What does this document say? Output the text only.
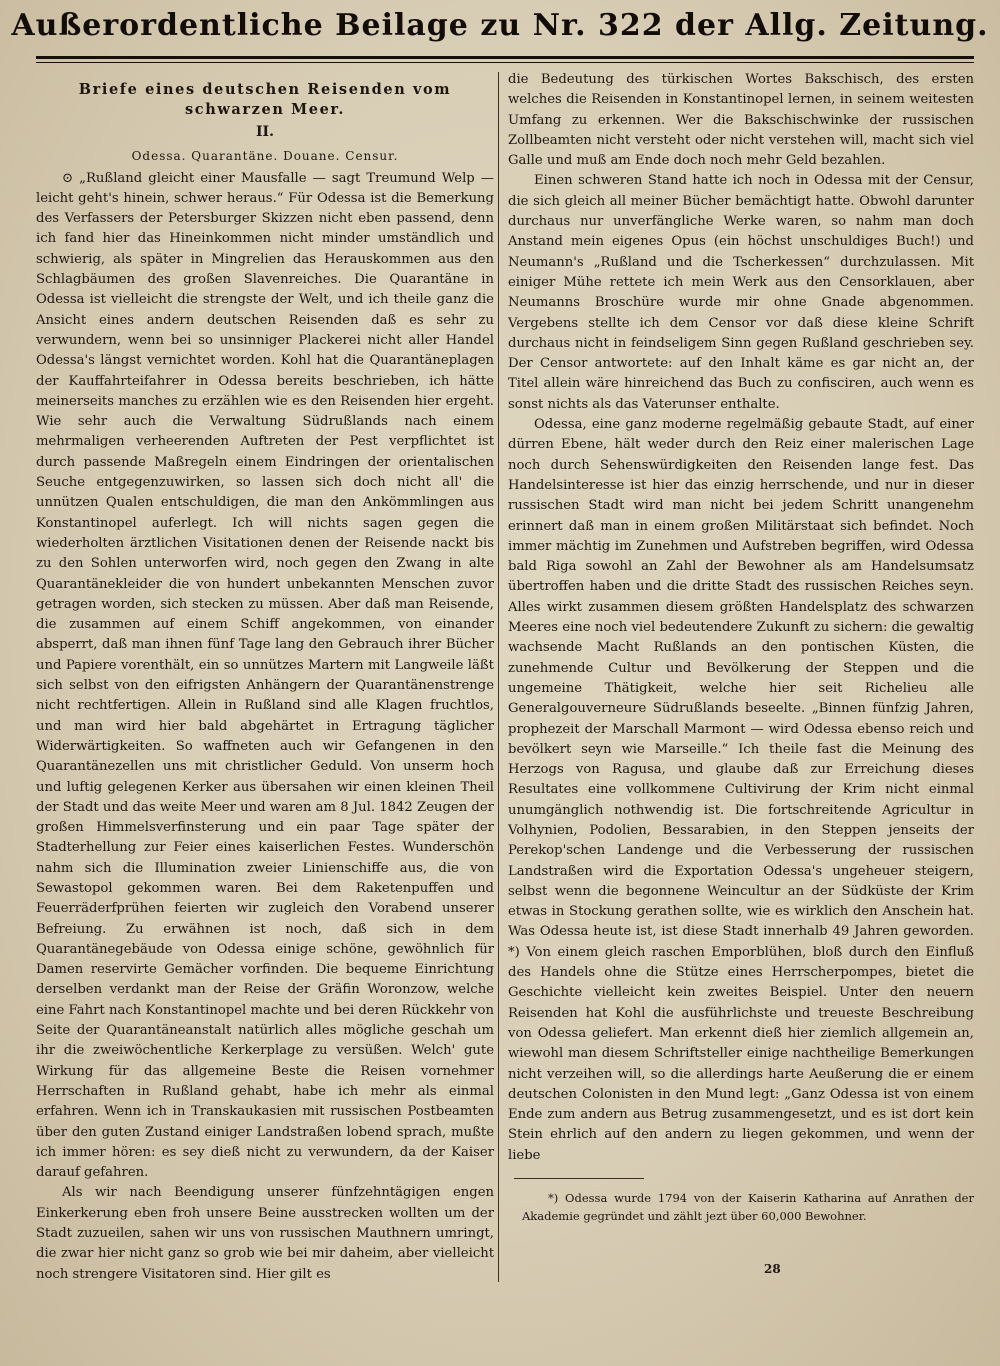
Außerordentliche Beilage zu Nr. 322 der Allg. Zeitung.
Briefe eines deutschen Reisenden vom schwarzen Meer.
II.
Odessa. Quarantäne. Douane. Censur.

⊙ „Rußland gleicht einer Mausfalle — sagt Treumund Welp — leicht geht's hinein, schwer heraus.“ Für Odessa ist die Bemerkung des Verfassers der Petersburger Skizzen nicht eben passend, denn ich fand hier das Hineinkommen nicht minder umständlich und schwierig, als später in Mingrelien das Herauskommen aus den Schlagbäumen des großen Slavenreiches. Die Quarantäne in Odessa ist vielleicht die strengste der Welt, und ich theile ganz die Ansicht eines andern deutschen Reisenden daß es sehr zu verwundern, wenn bei so unsinniger Plackerei nicht aller Handel Odessa's längst vernichtet worden. Kohl hat die Quarantäneplagen der Kauffahrteifahrer in Odessa bereits beschrieben, ich hätte meinerseits manches zu erzählen wie es den Reisenden hier ergeht. Wie sehr auch die Verwaltung Südrußlands nach einem mehrmaligen verheerenden Auftreten der Pest verpflichtet ist durch passende Maßregeln einem Eindringen der orientalischen Seuche entgegenzuwirken, so lassen sich doch nicht all' die unnützen Qualen entschuldigen, die man den Ankömmlingen aus Konstantinopel auferlegt. Ich will nichts sagen gegen die wiederholten ärztlichen Visitationen denen der Reisende nackt bis zu den Sohlen unterworfen wird, noch gegen den Zwang in alte Quarantänekleider die von hundert unbekannten Menschen zuvor getragen worden, sich stecken zu müssen. Aber daß man Reisende, die zusammen auf einem Schiff angekommen, von einander absperrt, daß man ihnen fünf Tage lang den Gebrauch ihrer Bücher und Papiere vorenthält, ein so unnützes Martern mit Langweile läßt sich selbst von den eifrigsten Anhängern der Quarantänenstrenge nicht rechtfertigen. Allein in Rußland sind alle Klagen fruchtlos, und man wird hier bald abgehärtet in Ertragung täglicher Widerwärtigkeiten. So waffneten auch wir Gefangenen in den Quarantänezellen uns mit christlicher Geduld. Von unserm hoch und luftig gelegenen Kerker aus übersahen wir einen kleinen Theil der Stadt und das weite Meer und waren am 8 Jul. 1842 Zeugen der großen Himmelsverfinsterung und ein paar Tage später der Stadterhellung zur Feier eines kaiserlichen Festes. Wunderschön nahm sich die Illumination zweier Linienschiffe aus, die von Sewastopol gekommen waren. Bei dem Raketenpuffen und Feuerräderfprühen feierten wir zugleich den Vorabend unserer Befreiung. Zu erwähnen ist noch, daß sich in dem Quarantänegebäude von Odessa einige schöne, gewöhnlich für Damen reservirte Gemächer vorfinden. Die bequeme Einrichtung derselben verdankt man der Reise der Gräfin Woronzow, welche eine Fahrt nach Konstantinopel machte und bei deren Rückkehr von Seite der Quarantäneanstalt natürlich alles mögliche geschah um ihr die zweiwöchentliche Kerkerplage zu versüßen. Welch' gute Wirkung für das allgemeine Beste die Reisen vornehmer Herrschaften in Rußland gehabt, habe ich mehr als einmal erfahren. Wenn ich in Transkaukasien mit russischen Postbeamten über den guten Zustand einiger Landstraßen lobend sprach, mußte ich immer hören: es sey dieß nicht zu verwundern, da der Kaiser darauf gefahren.

Als wir nach Beendigung unserer fünfzehntägigen engen Einkerkerung eben froh unsere Beine ausstrecken wollten um der Stadt zuzueilen, sahen wir uns von russischen Mauthnern umringt, die zwar hier nicht ganz so grob wie bei mir daheim, aber vielleicht noch strengere Visitatoren sind. Hier gilt es

die Bedeutung des türkischen Wortes Bakschisch, des ersten welches die Reisenden in Konstantinopel lernen, in seinem weitesten Umfang zu erkennen. Wer die Bakschischwinke der russischen Zollbeamten nicht versteht oder nicht verstehen will, macht sich viel Galle und muß am Ende doch noch mehr Geld bezahlen.

Einen schweren Stand hatte ich noch in Odessa mit der Censur, die sich gleich all meiner Bücher bemächtigt hatte. Obwohl darunter durchaus nur unverfängliche Werke waren, so nahm man doch Anstand mein eigenes Opus (ein höchst unschuldiges Buch!) und Neumann's „Rußland und die Tscherkessen“ durchzulassen. Mit einiger Mühe rettete ich mein Werk aus den Censorklauen, aber Neumanns Broschüre wurde mir ohne Gnade abgenommen. Vergebens stellte ich dem Censor vor daß diese kleine Schrift durchaus nicht in feindseligem Sinn gegen Rußland geschrieben sey. Der Censor antwortete: auf den Inhalt käme es gar nicht an, der Titel allein wäre hinreichend das Buch zu confisciren, auch wenn es sonst nichts als das Vaterunser enthalte.

Odessa, eine ganz moderne regelmäßig gebaute Stadt, auf einer dürren Ebene, hält weder durch den Reiz einer malerischen Lage noch durch Sehenswürdigkeiten den Reisenden lange fest. Das Handelsinteresse ist hier das einzig herrschende, und nur in dieser russischen Stadt wird man nicht bei jedem Schritt unangenehm erinnert daß man in einem großen Militärstaat sich befindet. Noch immer mächtig im Zunehmen und Aufstreben begriffen, wird Odessa bald Riga sowohl an Zahl der Bewohner als am Handelsumsatz übertroffen haben und die dritte Stadt des russischen Reiches seyn. Alles wirkt zusammen diesem größten Handelsplatz des schwarzen Meeres eine noch viel bedeutendere Zukunft zu sichern: die gewaltig wachsende Macht Rußlands an den pontischen Küsten, die zunehmende Cultur und Bevölkerung der Steppen und die ungemeine Thätigkeit, welche hier seit Richelieu alle Generalgouverneure Südrußlands beseelte. „Binnen fünfzig Jahren, prophezeit der Marschall Marmont — wird Odessa ebenso reich und bevölkert seyn wie Marseille.“ Ich theile fast die Meinung des Herzogs von Ragusa, und glaube daß zur Erreichung dieses Resultates eine vollkommene Cultivirung der Krim nicht einmal unumgänglich nothwendig ist. Die fortschreitende Agricultur in Volhynien, Podolien, Bessarabien, in den Steppen jenseits der Perekop'schen Landenge und die Verbesserung der russischen Landstraßen wird die Exportation Odessa's ungeheuer steigern, selbst wenn die begonnene Weincultur an der Südküste der Krim etwas in Stockung gerathen sollte, wie es wirklich den Anschein hat. Was Odessa heute ist, ist diese Stadt innerhalb 49 Jahren geworden. *) Von einem gleich raschen Emporblühen, bloß durch den Einfluß des Handels ohne die Stütze eines Herrscherpompes, bietet die Geschichte vielleicht kein zweites Beispiel. Unter den neuern Reisenden hat Kohl die ausführlichste und treueste Beschreibung von Odessa geliefert. Man erkennt dieß hier ziemlich allgemein an, wiewohl man diesem Schriftsteller einige nachtheilige Bemerkungen nicht verzeihen will, so die allerdings harte Aeußerung die er einem deutschen Colonisten in den Mund legt: „Ganz Odessa ist von einem Ende zum andern aus Betrug zusammengesetzt, und es ist dort kein Stein ehrlich auf den andern zu liegen gekommen, und wenn der liebe

*) Odessa wurde 1794 von der Kaiserin Katharina auf Anrathen der Akademie gegründet und zählt jezt über 60,000 Bewohner.

28
